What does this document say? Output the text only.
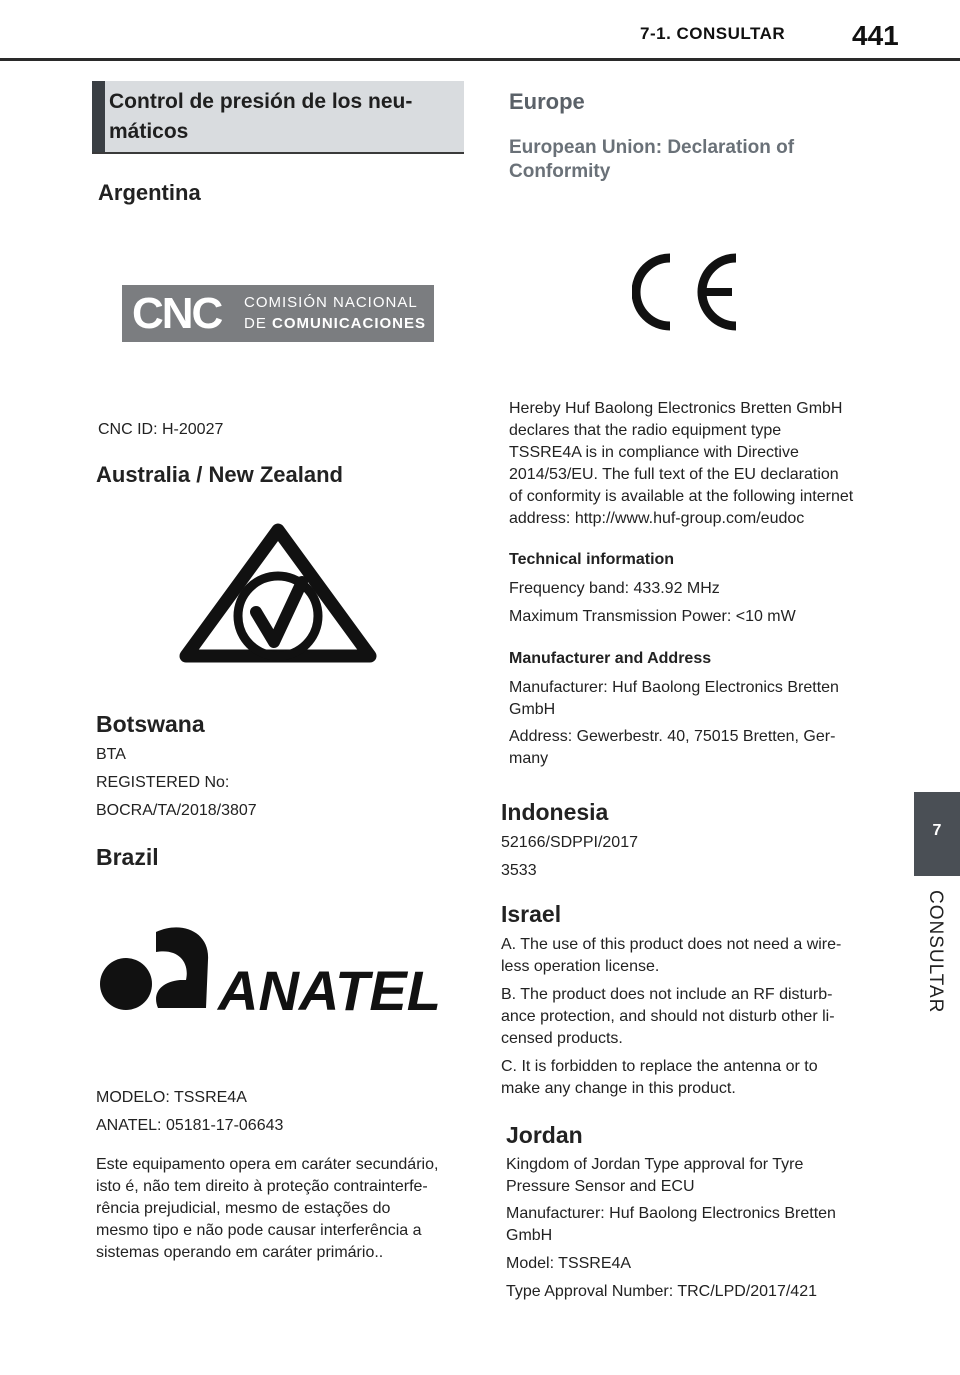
7-1. CONSULTAR 441
Control de presión de los neu-
máticos
Argentina
CNC COMISIÓN NACIONAL
DE COMUNICACIONES
CNC ID: H-20027
Australia / New Zealand
Botswana
BTA
REGISTERED No:
BOCRA/TA/2018/3807
Brazil
ANATEL
MODELO: TSSRE4A
ANATEL: 05181-17-06643
Este equipamento opera em caráter secundário,
isto é, não tem direito à proteção contrainterfe-
rência prejudicial, mesmo de estações do
mesmo tipo e não pode causar interferência a
sistemas operando em caráter primário..
Europe
European Union: Declaration of
Conformity
Hereby Huf Baolong Electronics Bretten GmbH
declares that the radio equipment type
TSSRE4A is in compliance with Directive
2014/53/EU. The full text of the EU declaration
of conformity is available at the following internet
address: http://www.huf-group.com/eudoc
Technical information
Frequency band: 433.92 MHz
Maximum Transmission Power: <10 mW
Manufacturer and Address
Manufacturer: Huf Baolong Electronics Bretten
GmbH
Address: Gewerbestr. 40, 75015 Bretten, Ger-
many
Indonesia
52166/SDPPI/2017
3533
Israel
A. The use of this product does not need a wire-
less operation license.
B. The product does not include an RF disturb-
ance protection, and should not disturb other li-
censed products.
C. It is forbidden to replace the antenna or to
make any change in this product.
Jordan
Kingdom of Jordan Type approval for Tyre
Pressure Sensor and ECU
Manufacturer: Huf Baolong Electronics Bretten
GmbH
Model: TSSRE4A
Type Approval Number: TRC/LPD/2017/421
7
CONSULTAR
